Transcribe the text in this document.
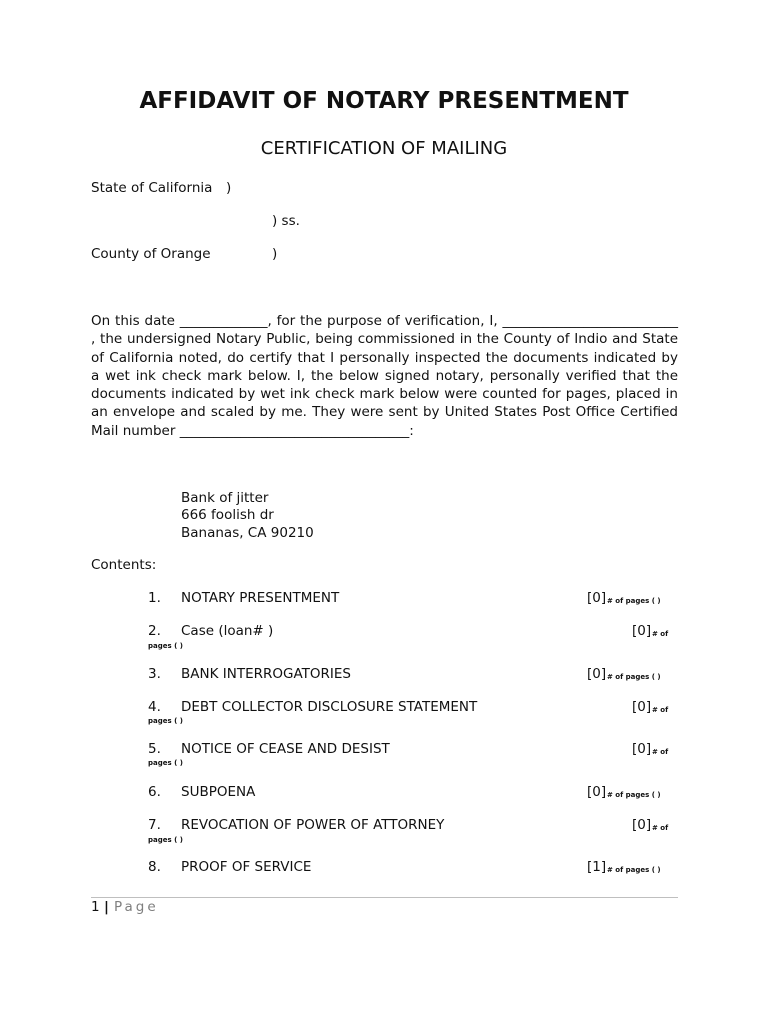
AFFIDAVIT OF NOTARY PRESENTMENT
CERTIFICATION OF MAILING
State of California )
) ss.
County of Orange	)
On this date _____________, for the purpose of verification, I, __________________________ , the undersigned Notary Public, being commissioned in the County of Indio and State of California noted, do certify that I personally inspected the documents indicated by a wet ink check mark below. I, the below signed notary, personally verified that the documents indicated by wet ink check mark below were counted for pages, placed in an envelope and scaled by me. They were sent by United States Post Office Certified Mail number __________________________________:
Bank of jitter
666 foolish dr
Bananas, CA 90210
Contents:
1. NOTARY PRESENTMENT	[0] # of pages ( )
2. Case (loan# )	[0] # of
pages ( )
3. BANK INTERROGATORIES	[0] # of pages ( )
4. DEBT COLLECTOR DISCLOSURE STATEMENT	[0] # of
pages ( )
5. NOTICE OF CEASE AND DESIST	[0] # of
pages ( )
6. SUBPOENA	[0] # of pages ( )
7. REVOCATION OF POWER OF ATTORNEY	[0] # of
pages ( )
8. PROOF OF SERVICE	[1] # of pages ( )
1 | Page
